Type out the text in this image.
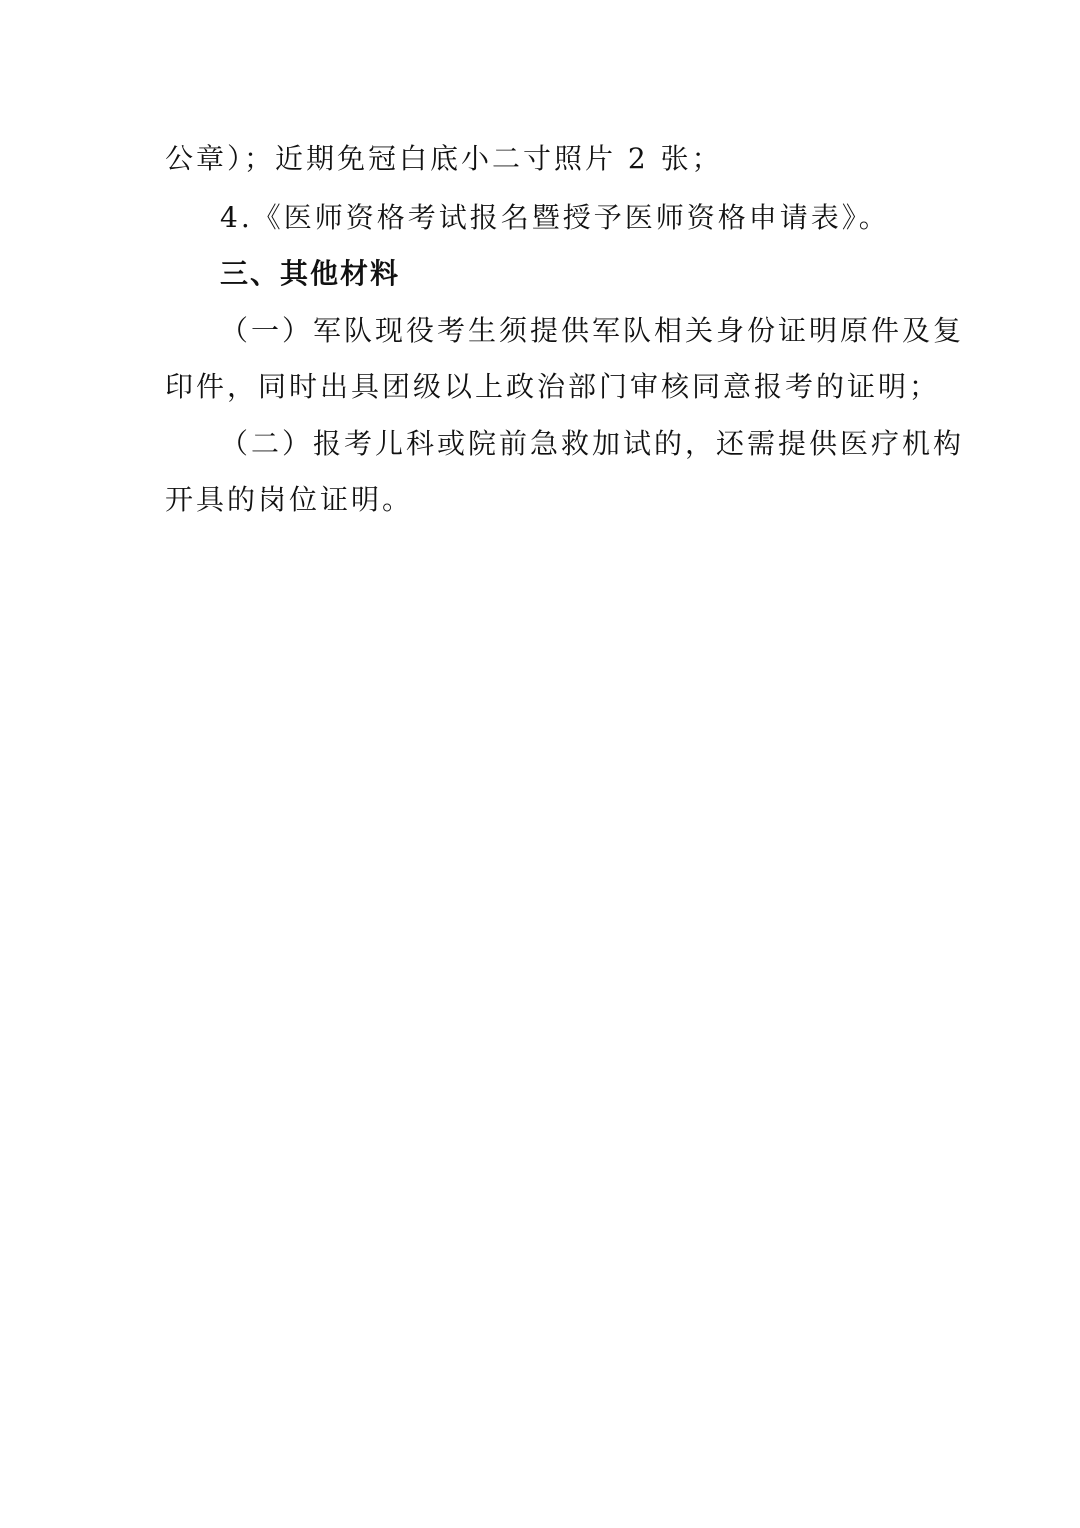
公章）；近期免冠白底小二寸照片 2 张；
4.《医师资格考试报名暨授予医师资格申请表》。
三、其他材料
（一）军队现役考生须提供军队相关身份证明原件及复
印件，同时出具团级以上政治部门审核同意报考的证明；
（二）报考儿科或院前急救加试的，还需提供医疗机构
开具的岗位证明。
